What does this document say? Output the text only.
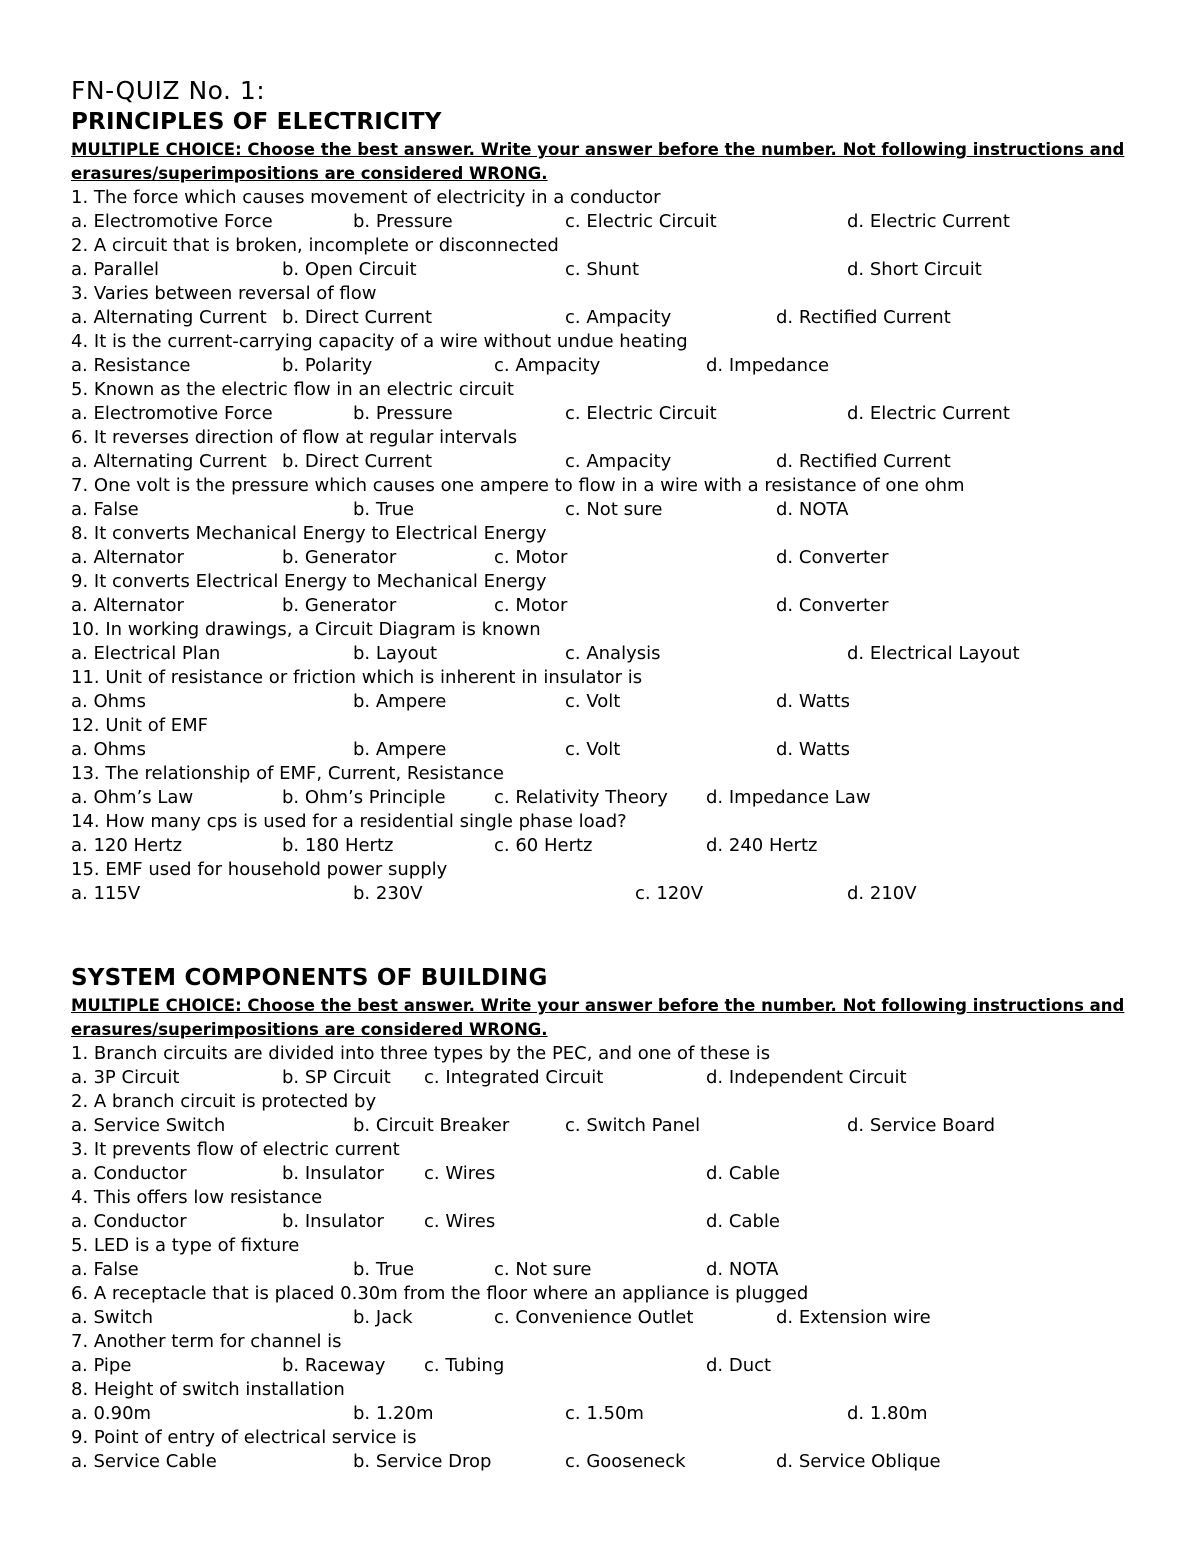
FN-QUIZ No. 1:
PRINCIPLES OF ELECTRICITY
MULTIPLE CHOICE: Choose the best answer. Write your answer before the number. Not following instructions and
erasures/superimpositions are considered WRONG.
1. The force which causes movement of electricity in a conductor
a. Electromotive Force	b. Pressure	c. Electric Circuit	d. Electric Current
2. A circuit that is broken, incomplete or disconnected
a. Parallel	b. Open Circuit	c. Shunt	d. Short Circuit
3. Varies between reversal of flow
a. Alternating Current b. Direct Current	c. Ampacity	d. Rectified Current
4. It is the current-carrying capacity of a wire without undue heating
a. Resistance	b. Polarity	c. Ampacity	d. Impedance
5. Known as the electric flow in an electric circuit
a. Electromotive Force	b. Pressure	c. Electric Circuit	d. Electric Current
6. It reverses direction of flow at regular intervals
a. Alternating Current b. Direct Current	c. Ampacity	d. Rectified Current
7. One volt is the pressure which causes one ampere to flow in a wire with a resistance of one ohm
a. False	b. True	c. Not sure	d. NOTA
8. It converts Mechanical Energy to Electrical Energy
a. Alternator	b. Generator	c. Motor	d. Converter
9. It converts Electrical Energy to Mechanical Energy
a. Alternator	b. Generator	c. Motor	d. Converter
10. In working drawings, a Circuit Diagram is known
a. Electrical Plan	b. Layout	c. Analysis	d. Electrical Layout
11. Unit of resistance or friction which is inherent in insulator is
a. Ohms	b. Ampere	c. Volt	d. Watts
12. Unit of EMF
a. Ohms	b. Ampere	c. Volt	d. Watts
13. The relationship of EMF, Current, Resistance
a. Ohm’s Law	b. Ohm’s Principle	c. Relativity Theory d. Impedance Law
14. How many cps is used for a residential single phase load?
a. 120 Hertz	b. 180 Hertz	c. 60 Hertz	d. 240 Hertz
15. EMF used for household power supply
a. 115V	b. 230V	c. 120V	d. 210V
SYSTEM COMPONENTS OF BUILDING
MULTIPLE CHOICE: Choose the best answer. Write your answer before the number. Not following instructions and
erasures/superimpositions are considered WRONG.
1. Branch circuits are divided into three types by the PEC, and one of these is
a. 3P Circuit	b. SP Circuit c. Integrated Circuit	d. Independent Circuit
2. A branch circuit is protected by
a. Service Switch	b. Circuit Breaker	c. Switch Panel	d. Service Board
3. It prevents flow of electric current
a. Conductor	b. Insulator c. Wires	d. Cable
4. This offers low resistance
a. Conductor	b. Insulator c. Wires	d. Cable
5. LED is a type of fixture
a. False	b. True	c. Not sure	d. NOTA
6. A receptacle that is placed 0.30m from the floor where an appliance is plugged
a. Switch	b. Jack	c. Convenience Outlet	d. Extension wire
7. Another term for channel is
a. Pipe	b. Raceway c. Tubing	d. Duct
8. Height of switch installation
a. 0.90m	b. 1.20m	c. 1.50m	d. 1.80m
9. Point of entry of electrical service is
a. Service Cable	b. Service Drop	c. Gooseneck	d. Service Oblique
